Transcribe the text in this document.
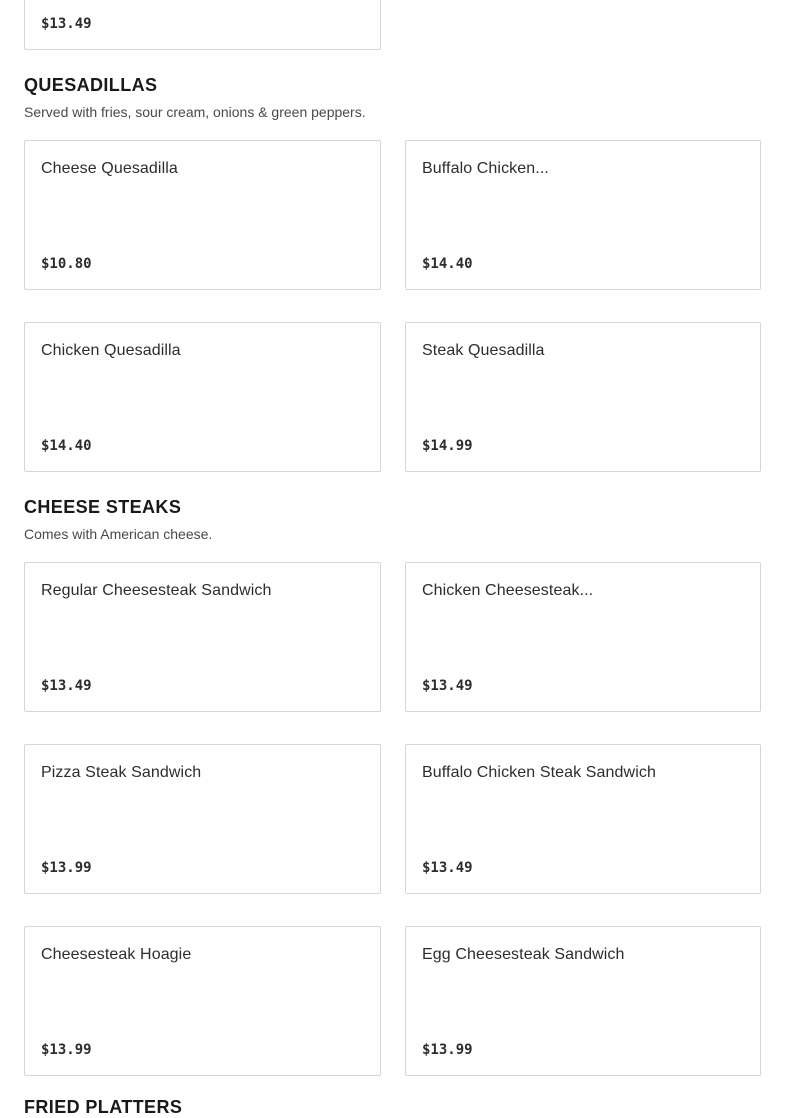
$13.49
QUESADILLAS

Served with fries, sour cream, onions & green peppers.

Cheese Quesadilla
$10.80
Buffalo Chicken...
$14.40
Chicken Quesadilla
$14.40
Steak Quesadilla
$14.99
CHEESE STEAKS

Comes with American cheese.

Regular Cheesesteak Sandwich
$13.49
Chicken Cheesesteak...
$13.49
Pizza Steak Sandwich
$13.99
Buffalo Chicken Steak Sandwich
$13.49
Cheesesteak Hoagie
$13.99
Egg Cheesesteak Sandwich
$13.99
FRIED PLATTERS
